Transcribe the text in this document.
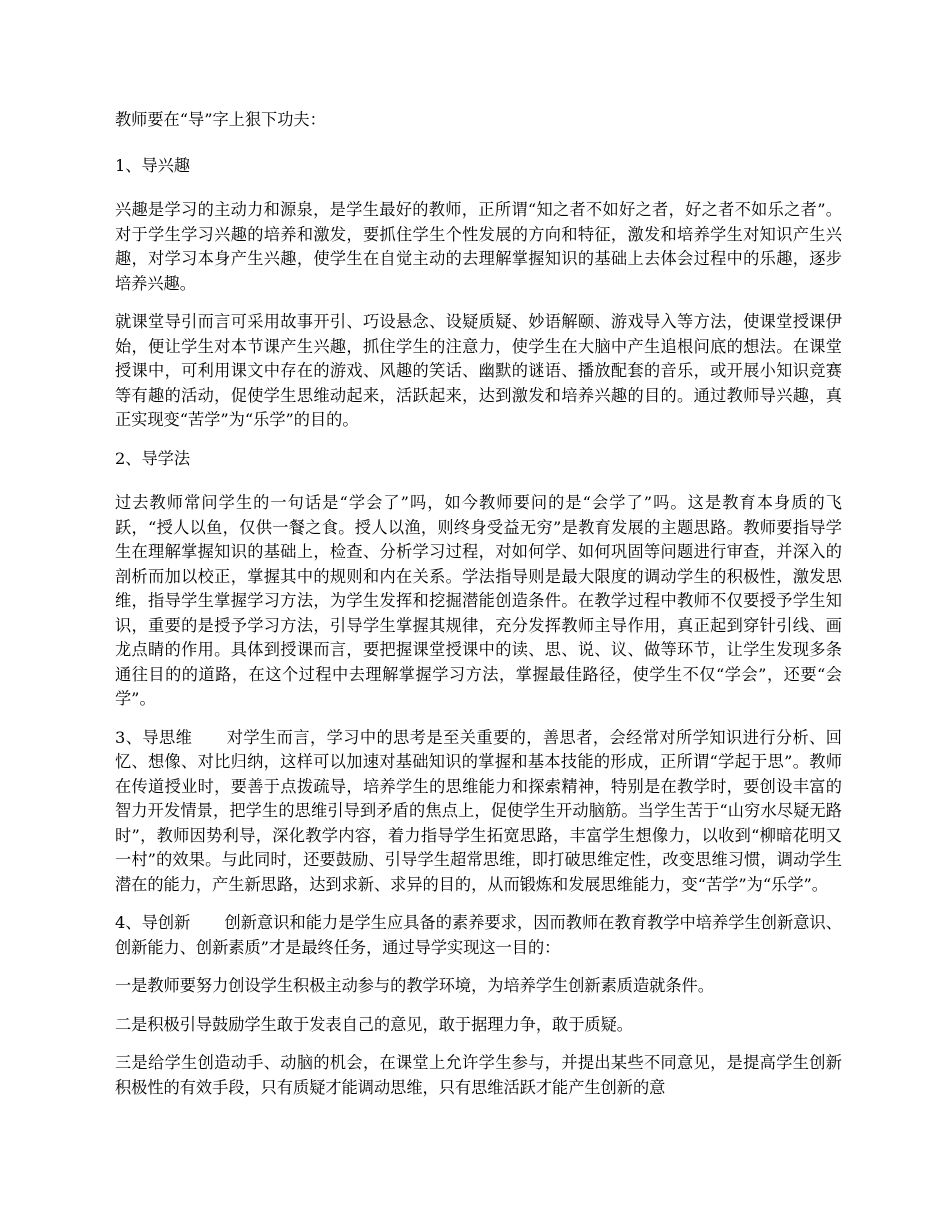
教师要在“导”字上狠下功夫：

1、导兴趣

兴趣是学习的主动力和源泉，是学生最好的教师，正所谓“知之者不如好之者，好之者不如乐之者”。对于学生学习兴趣的培养和激发，要抓住学生个性发展的方向和特征，激发和培养学生对知识产生兴趣，对学习本身产生兴趣，使学生在自觉主动的去理解掌握知识的基础上去体会过程中的乐趣，逐步培养兴趣。

就课堂导引而言可采用故事开引、巧设悬念、设疑质疑、妙语解颐、游戏导入等方法，使课堂授课伊始，便让学生对本节课产生兴趣，抓住学生的注意力，使学生在大脑中产生追根问底的想法。在课堂授课中，可利用课文中存在的游戏、风趣的笑话、幽默的谜语、播放配套的音乐，或开展小知识竞赛等有趣的活动，促使学生思维动起来，活跃起来，达到激发和培养兴趣的目的。通过教师导兴趣，真正实现变“苦学”为“乐学”的目的。

2、导学法

过去教师常问学生的一句话是“学会了”吗，如今教师要问的是“会学了”吗。这是教育本身质的飞跃，“授人以鱼，仅供一餐之食。授人以渔，则终身受益无穷”是教育发展的主题思路。教师要指导学生在理解掌握知识的基础上，检查、分析学习过程，对如何学、如何巩固等问题进行审查，并深入的剖析而加以校正，掌握其中的规则和内在关系。学法指导则是最大限度的调动学生的积极性，激发思维，指导学生掌握学习方法，为学生发挥和挖掘潜能创造条件。在教学过程中教师不仅要授予学生知识，重要的是授予学习方法，引导学生掌握其规律，充分发挥教师主导作用，真正起到穿针引线、画龙点睛的作用。具体到授课而言，要把握课堂授课中的读、思、说、议、做等环节，让学生发现多条通往目的的道路，在这个过程中去理解掌握学习方法，掌握最佳路径，使学生不仅“学会”，还要“会学”。

3、导思维 对学生而言，学习中的思考是至关重要的，善思者，会经常对所学知识进行分析、回忆、想像、对比归纳，这样可以加速对基础知识的掌握和基本技能的形成，正所谓“学起于思”。教师在传道授业时，要善于点拨疏导，培养学生的思维能力和探索精神，特别是在教学时，要创设丰富的智力开发情景，把学生的思维引导到矛盾的焦点上，促使学生开动脑筋。当学生苦于“山穷水尽疑无路时”，教师因势利导，深化教学内容，着力指导学生拓宽思路，丰富学生想像力，以收到“柳暗花明又一村”的效果。与此同时，还要鼓励、引导学生超常思维，即打破思维定性，改变思维习惯，调动学生潜在的能力，产生新思路，达到求新、求异的目的，从而锻炼和发展思维能力，变“苦学”为“乐学”。

4、导创新 创新意识和能力是学生应具备的素养要求，因而教师在教育教学中培养学生创新意识、创新能力、创新素质”才是最终任务，通过导学实现这一目的：

一是教师要努力创设学生积极主动参与的教学环境，为培养学生创新素质造就条件。

二是积极引导鼓励学生敢于发表自己的意见，敢于据理力争，敢于质疑。

三是给学生创造动手、动脑的机会，在课堂上允许学生参与，并提出某些不同意见，是提高学生创新积极性的有效手段，只有质疑才能调动思维，只有思维活跃才能产生创新的意
